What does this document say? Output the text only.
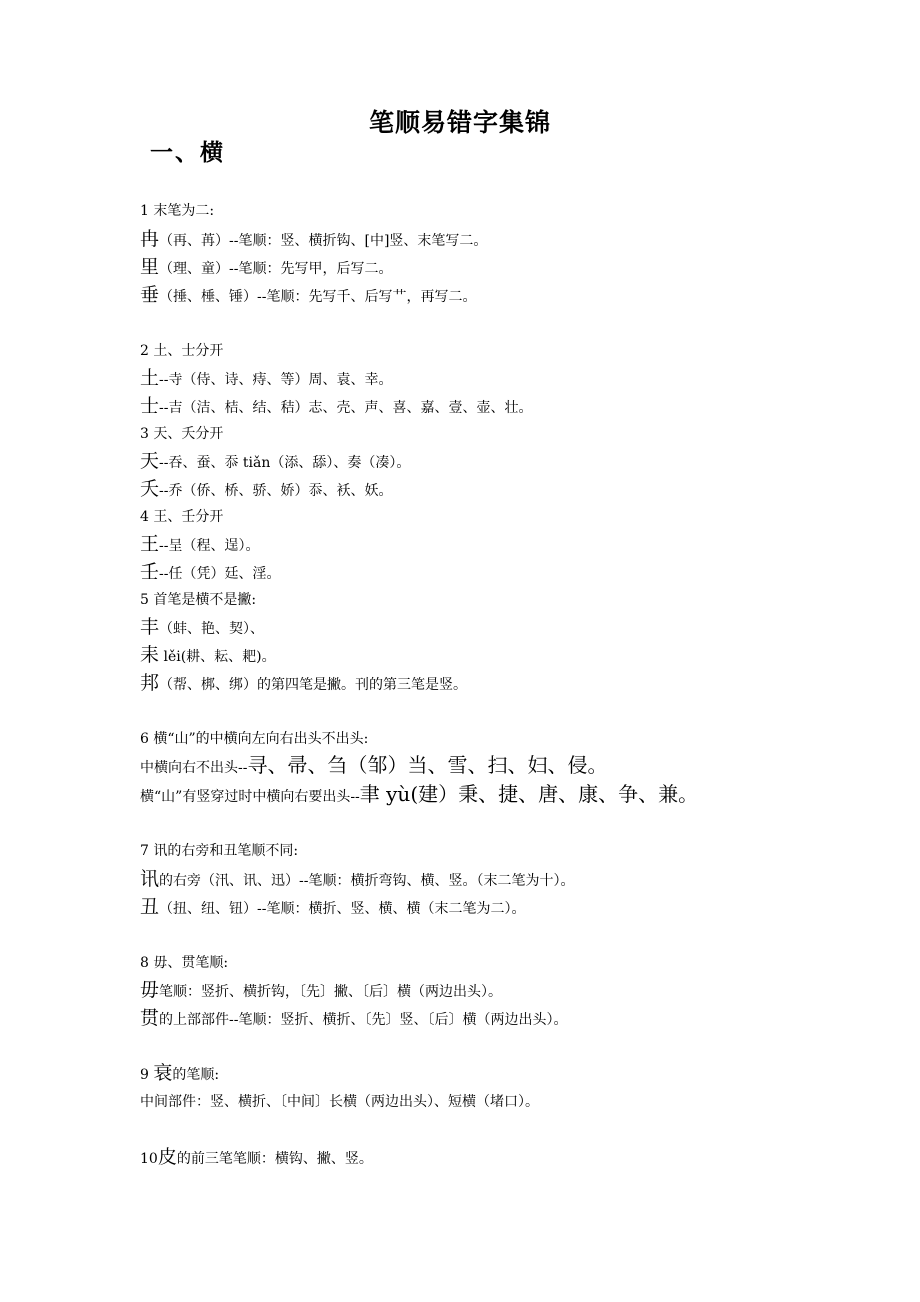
笔顺易错字集锦
一、横
1 末笔为二:
冉（再、苒）--笔顺：竖、横折钩、[中]竖、末笔写二。
里（理、童）--笔顺：先写甲，后写二。
垂（捶、棰、锤）--笔顺：先写千、后写艹，再写二。
2 土、士分开
土--寺（侍、诗、痔、等）周、袁、幸。
士--吉（洁、桔、结、秸）志、壳、声、喜、嘉、壹、壶、壮。
3 天、夭分开
天--吞、蚕、忝 tiǎn（添、舔）、奏（凑）。
夭--乔（侨、桥、骄、娇）忝、袄、妖。
4 王、壬分开
王--呈（程、逞）。
壬--任（凭）廷、淫。
5 首笔是横不是撇:
丰（蚌、艳、契）、
耒 lěi(耕、耘、耙)。
邦（帮、梆、绑）的第四笔是撇。刊的第三笔是竖。
6 横“山”的中横向左向右出头不出头:
中横向右不出头--寻、帚、刍（邹）当、雪、扫、妇、侵。
横“山”有竖穿过时中横向右要出头--聿 yù(建）秉、捷、唐、康、争、兼。
7 讯的右旁和丑笔顺不同:
讯的右旁（汛、讯、迅）--笔顺：横折弯钩、横、竖。（末二笔为十）。
丑（扭、纽、钮）--笔顺：横折、竖、横、横（末二笔为二）。
8 毋、贯笔顺:
毋笔顺：竖折、横折钩，〔先〕撇、〔后〕横（两边出头）。
贯的上部部件--笔顺：竖折、横折、〔先〕竖、〔后〕横（两边出头）。
9 衰的笔顺:
中间部件：竖、横折、〔中间〕长横（两边出头）、短横（堵口）。
10皮的前三笔笔顺：横钩、撇、竖。
